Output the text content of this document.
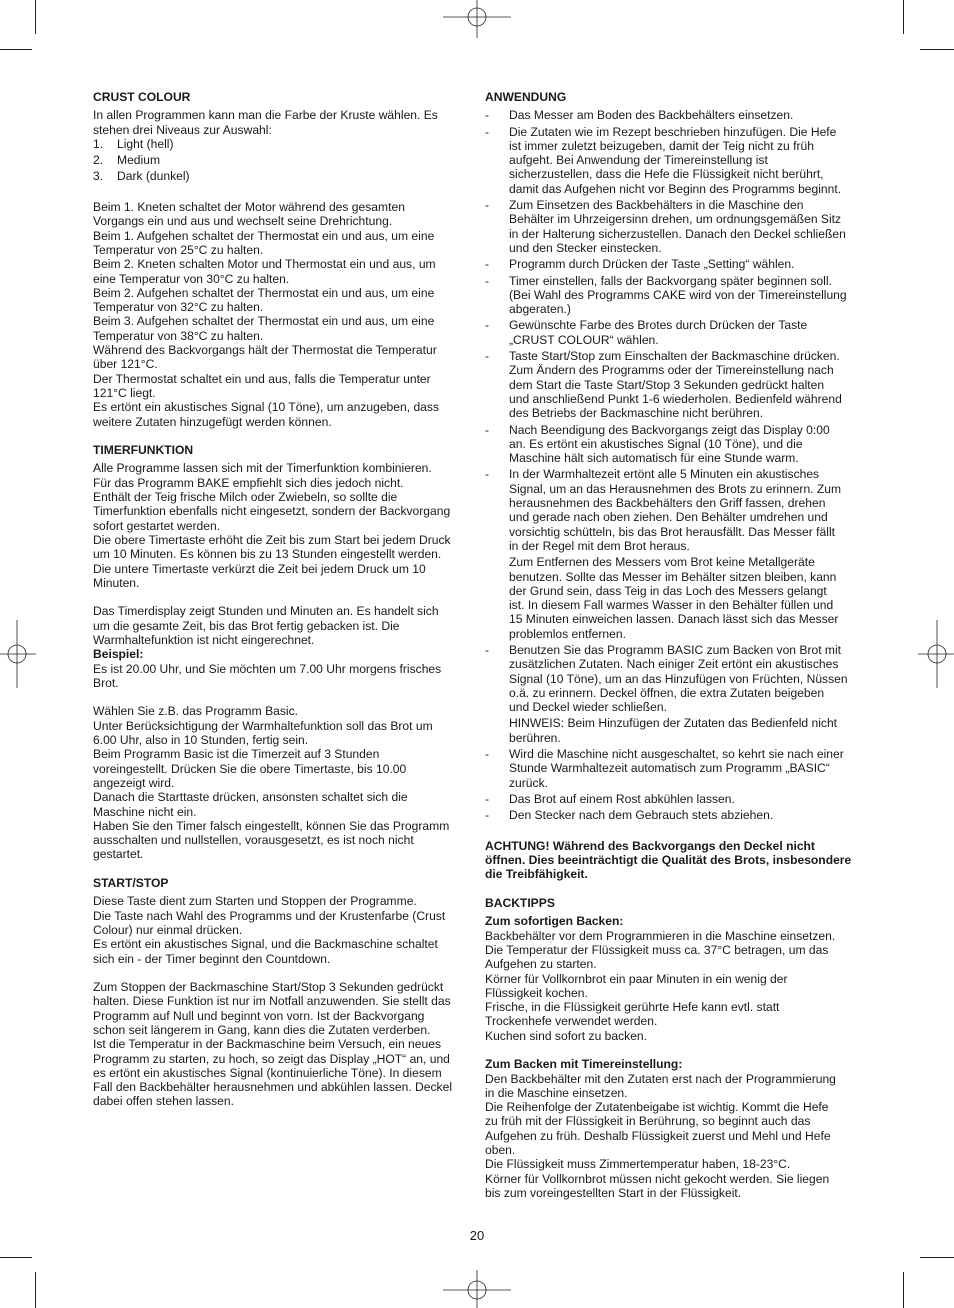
CRUST COLOUR

In allen Programmen kann man die Farbe der Kruste wählen. Es
stehen drei Niveaus zur Auswahl:
1.	Light (hell)
2.	Medium
3.	Dark (dunkel)
Beim 1. Kneten schaltet der Motor während des gesamten
Vorgangs ein und aus und wechselt seine Drehrichtung.
Beim 1. Aufgehen schaltet der Thermostat ein und aus, um eine
Temperatur von 25°C zu halten.
Beim 2. Kneten schalten Motor und Thermostat ein und aus, um
eine Temperatur von 30°C zu halten.
Beim 2. Aufgehen schaltet der Thermostat ein und aus, um eine
Temperatur von 32°C zu halten.
Beim 3. Aufgehen schaltet der Thermostat ein und aus, um eine
Temperatur von 38°C zu halten.
Während des Backvorgangs hält der Thermostat die Temperatur
über 121°C.
Der Thermostat schaltet ein und aus, falls die Temperatur unter
121°C liegt.
Es ertönt ein akustisches Signal (10 Töne), um anzugeben, dass
weitere Zutaten hinzugefügt werden können.

TIMERFUNKTION

Alle Programme lassen sich mit der Timerfunktion kombinieren.
Für das Programm BAKE empfiehlt sich dies jedoch nicht.
Enthält der Teig frische Milch oder Zwiebeln, so sollte die
Timerfunktion ebenfalls nicht eingesetzt, sondern der Backvorgang
sofort gestartet werden.
Die obere Timertaste erhöht die Zeit bis zum Start bei jedem Druck
um 10 Minuten. Es können bis zu 13 Stunden eingestellt werden.
Die untere Timertaste verkürzt die Zeit bei jedem Druck um 10
Minuten.
Das Timerdisplay zeigt Stunden und Minuten an. Es handelt sich
um die gesamte Zeit, bis das Brot fertig gebacken ist. Die
Warmhaltefunktion ist nicht eingerechnet.
Beispiel:
Es ist 20.00 Uhr, und Sie möchten um 7.00 Uhr morgens frisches
Brot.
Wählen Sie z.B. das Programm Basic.
Unter Berücksichtigung der Warmhaltefunktion soll das Brot um
6.00 Uhr, also in 10 Stunden, fertig sein.
Beim Programm Basic ist die Timerzeit auf 3 Stunden
voreingestellt. Drücken Sie die obere Timertaste, bis 10.00
angezeigt wird.
Danach die Starttaste drücken, ansonsten schaltet sich die
Maschine nicht ein.
Haben Sie den Timer falsch eingestellt, können Sie das Programm
ausschalten und nullstellen, vorausgesetzt, es ist noch nicht
gestartet.

START/STOP

Diese Taste dient zum Starten und Stoppen der Programme.
Die Taste nach Wahl des Programms und der Krustenfarbe (Crust
Colour) nur einmal drücken.
Es ertönt ein akustisches Signal, und die Backmaschine schaltet
sich ein - der Timer beginnt den Countdown.
Zum Stoppen der Backmaschine Start/Stop 3 Sekunden gedrückt
halten. Diese Funktion ist nur im Notfall anzuwenden. Sie stellt das
Programm auf Null und beginnt von vorn. Ist der Backvorgang
schon seit längerem in Gang, kann dies die Zutaten verderben.
Ist die Temperatur in der Backmaschine beim Versuch, ein neues
Programm zu starten, zu hoch, so zeigt das Display „HOT“ an, und
es ertönt ein akustisches Signal (kontinuierliche Töne). In diesem
Fall den Backbehälter herausnehmen und abkühlen lassen. Deckel
dabei offen stehen lassen.

ANWENDUNG

-	Das Messer am Boden des Backbehälters einsetzen.
-	Die Zutaten wie im Rezept beschrieben hinzufügen. Die Hefe
ist immer zuletzt beizugeben, damit der Teig nicht zu früh
aufgeht. Bei Anwendung der Timereinstellung ist
sicherzustellen, dass die Hefe die Flüssigkeit nicht berührt,
damit das Aufgehen nicht vor Beginn des Programms beginnt.
-	Zum Einsetzen des Backbehälters in die Maschine den
Behälter im Uhrzeigersinn drehen, um ordnungsgemäßen Sitz
in der Halterung sicherzustellen. Danach den Deckel schließen
und den Stecker einstecken.
-	Programm durch Drücken der Taste „Setting“ wählen.
-	Timer einstellen, falls der Backvorgang später beginnen soll.
(Bei Wahl des Programms CAKE wird von der Timereinstellung
abgeraten.)
-	Gewünschte Farbe des Brotes durch Drücken der Taste
„CRUST COLOUR“ wählen.
-	Taste Start/Stop zum Einschalten der Backmaschine drücken.
Zum Ändern des Programms oder der Timereinstellung nach
dem Start die Taste Start/Stop 3 Sekunden gedrückt halten
und anschließend Punkt 1-6 wiederholen. Bedienfeld während
des Betriebs der Backmaschine nicht berühren.
-	Nach Beendigung des Backvorgangs zeigt das Display 0:00
an. Es ertönt ein akustisches Signal (10 Töne), und die
Maschine hält sich automatisch für eine Stunde warm.
-	In der Warmhaltezeit ertönt alle 5 Minuten ein akustisches
Signal, um an das Herausnehmen des Brots zu erinnern. Zum
herausnehmen des Backbehälters den Griff fassen, drehen
und gerade nach oben ziehen. Den Behälter umdrehen und
vorsichtig schütteln, bis das Brot herausfällt. Das Messer fällt
in der Regel mit dem Brot heraus.
Zum Entfernen des Messers vom Brot keine Metallgeräte
benutzen. Sollte das Messer im Behälter sitzen bleiben, kann
der Grund sein, dass Teig in das Loch des Messers gelangt
ist. In diesem Fall warmes Wasser in den Behälter füllen und
15 Minuten einweichen lassen. Danach lässt sich das Messer
problemlos entfernen.
-	Benutzen Sie das Programm BASIC zum Backen von Brot mit
zusätzlichen Zutaten. Nach einiger Zeit ertönt ein akustisches
Signal (10 Töne), um an das Hinzufügen von Früchten, Nüssen
o.ä. zu erinnern. Deckel öffnen, die extra Zutaten beigeben
und Deckel wieder schließen.
HINWEIS: Beim Hinzufügen der Zutaten das Bedienfeld nicht
berühren.
-	Wird die Maschine nicht ausgeschaltet, so kehrt sie nach einer
Stunde Warmhaltezeit automatisch zum Programm „BASIC“
zurück.
-	Das Brot auf einem Rost abkühlen lassen.
-	Den Stecker nach dem Gebrauch stets abziehen.
ACHTUNG! Während des Backvorgangs den Deckel nicht
öffnen. Dies beeinträchtigt die Qualität des Brots, insbesondere
die Treibfähigkeit.

BACKTIPPS

Zum sofortigen Backen:
Backbehälter vor dem Programmieren in die Maschine einsetzen.
Die Temperatur der Flüssigkeit muss ca. 37°C betragen, um das
Aufgehen zu starten.
Körner für Vollkornbrot ein paar Minuten in ein wenig der
Flüssigkeit kochen.
Frische, in die Flüssigkeit gerührte Hefe kann evtl. statt
Trockenhefe verwendet werden.
Kuchen sind sofort zu backen.
Zum Backen mit Timereinstellung:
Den Backbehälter mit den Zutaten erst nach der Programmierung
in die Maschine einsetzen.
Die Reihenfolge der Zutatenbeigabe ist wichtig. Kommt die Hefe
zu früh mit der Flüssigkeit in Berührung, so beginnt auch das
Aufgehen zu früh. Deshalb Flüssigkeit zuerst und Mehl und Hefe
oben.
Die Flüssigkeit muss Zimmertemperatur haben, 18-23°C.
Körner für Vollkornbrot müssen nicht gekocht werden. Sie liegen
bis zum voreingestellten Start in der Flüssigkeit.
20
